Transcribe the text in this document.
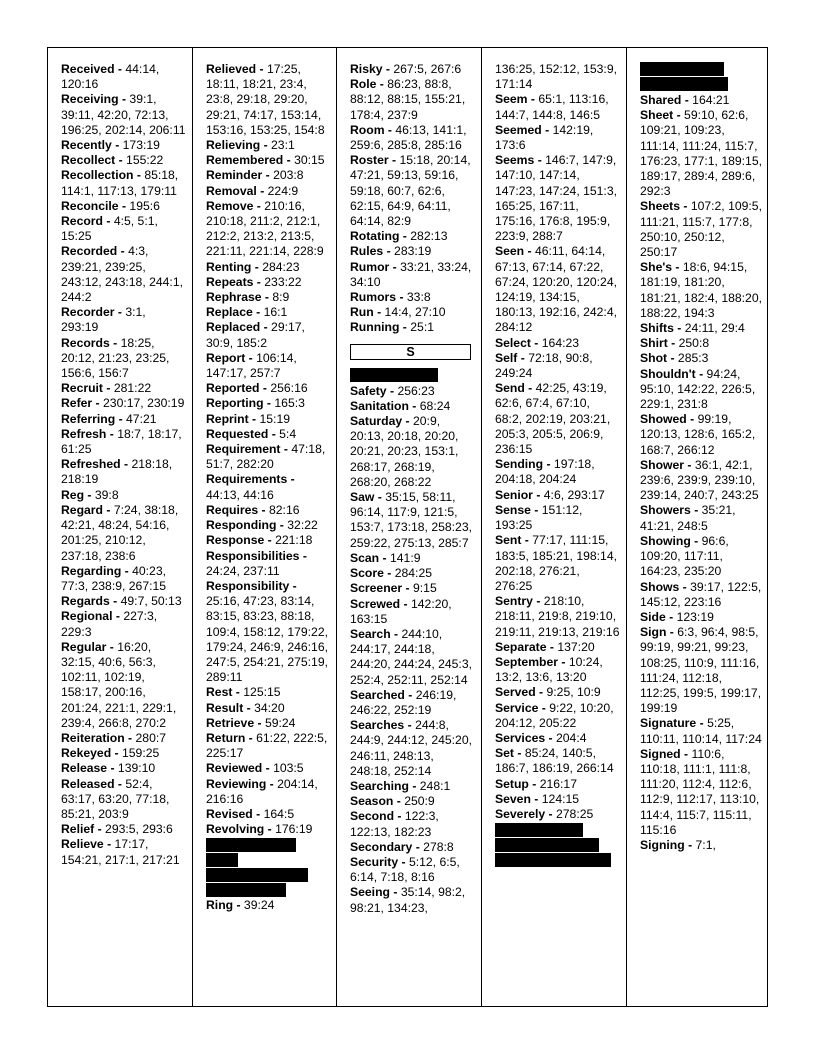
Received - 44:14, 120:16

Receiving - 39:1, 39:11, 42:20, 72:13, 196:25, 202:14, 206:11

Recently - 173:19

Recollect - 155:22

Recollection - 85:18, 114:1, 117:13, 179:11

Reconcile - 195:6

Record - 4:5, 5:1, 15:25

Recorded - 4:3, 239:21, 239:25, 243:12, 243:18, 244:1, 244:2

Recorder - 3:1, 293:19

Records - 18:25, 20:12, 21:23, 23:25, 156:6, 156:7

Recruit - 281:22

Refer - 230:17, 230:19

Referring - 47:21

Refresh - 18:7, 18:17, 61:25

Refreshed - 218:18, 218:19

Reg - 39:8

Regard - 7:24, 38:18, 42:21, 48:24, 54:16, 201:25, 210:12, 237:18, 238:6

Regarding - 40:23, 77:3, 238:9, 267:15

Regards - 49:7, 50:13

Regional - 227:3, 229:3

Regular - 16:20, 32:15, 40:6, 56:3, 102:11, 102:19, 158:17, 200:16, 201:24, 221:1, 229:1, 239:4, 266:8, 270:2

Reiteration - 280:7

Rekeyed - 159:25

Release - 139:10

Released - 52:4, 63:17, 63:20, 77:18, 85:21, 203:9

Relief - 293:5, 293:6

Relieve - 17:17, 154:21, 217:1, 217:21

Relieved - 17:25, 18:11, 18:21, 23:4, 23:8, 29:18, 29:20, 29:21, 74:17, 153:14, 153:16, 153:25, 154:8

Relieving - 23:1

Remembered - 30:15

Reminder - 203:8

Removal - 224:9

Remove - 210:16, 210:18, 211:2, 212:1, 212:2, 213:2, 213:5, 221:11, 221:14, 228:9

Renting - 284:23

Repeats - 233:22

Rephrase - 8:9

Replace - 16:1

Replaced - 29:17, 30:9, 185:2

Report - 106:14, 147:17, 257:7

Reported - 256:16

Reporting - 165:3

Reprint - 15:19

Requested - 5:4

Requirement - 47:18, 51:7, 282:20

Requirements - 44:13, 44:16

Requires - 82:16

Responding - 32:22

Response - 221:18

Responsibilities - 24:24, 237:11

Responsibility - 25:16, 47:23, 83:14, 83:15, 83:23, 88:18, 109:4, 158:12, 179:22, 179:24, 246:9, 246:16, 247:5, 254:21, 275:19, 289:11

Rest - 125:15

Result - 34:20

Retrieve - 59:24

Return - 61:22, 222:5, 225:17

Reviewed - 103:5

Reviewing - 204:14, 216:16

Revised - 164:5

Revolving - 176:19

Ring - 39:24

Risky - 267:5, 267:6

Role - 86:23, 88:8, 88:12, 88:15, 155:21, 178:4, 237:9

Room - 46:13, 141:1, 259:6, 285:8, 285:16

Roster - 15:18, 20:14, 47:21, 59:13, 59:16, 59:18, 60:7, 62:6, 62:15, 64:9, 64:11, 64:14, 82:9

Rotating - 282:13

Rules - 283:19

Rumor - 33:21, 33:24, 34:10

Rumors - 33:8

Run - 14:4, 27:10

Running - 25:1

S

Safety - 256:23

Sanitation - 68:24

Saturday - 20:9, 20:13, 20:18, 20:20, 20:21, 20:23, 153:1, 268:17, 268:19, 268:20, 268:22

Saw - 35:15, 58:11, 96:14, 117:9, 121:5, 153:7, 173:18, 258:23, 259:22, 275:13, 285:7

Scan - 141:9

Score - 284:25

Screener - 9:15

Screwed - 142:20, 163:15

Search - 244:10, 244:17, 244:18, 244:20, 244:24, 245:3, 252:4, 252:11, 252:14

Searched - 246:19, 246:22, 252:19

Searches - 244:8, 244:9, 244:12, 245:20, 246:11, 248:13, 248:18, 252:14

Searching - 248:1

Season - 250:9

Second - 122:3, 122:13, 182:23

Secondary - 278:8

Security - 5:12, 6:5, 6:14, 7:18, 8:16

Seeing - 35:14, 98:2, 98:21, 134:23,

136:25, 152:12, 153:9, 171:14

Seem - 65:1, 113:16, 144:7, 144:8, 146:5

Seemed - 142:19, 173:6

Seems - 146:7, 147:9, 147:10, 147:14, 147:23, 147:24, 151:3, 165:25, 167:11, 175:16, 176:8, 195:9, 223:9, 288:7

Seen - 46:11, 64:14, 67:13, 67:14, 67:22, 67:24, 120:20, 120:24, 124:19, 134:15, 180:13, 192:16, 242:4, 284:12

Select - 164:23

Self - 72:18, 90:8, 249:24

Send - 42:25, 43:19, 62:6, 67:4, 67:10, 68:2, 202:19, 203:21, 205:3, 205:5, 206:9, 236:15

Sending - 197:18, 204:18, 204:24

Senior - 4:6, 293:17

Sense - 151:12, 193:25

Sent - 77:17, 111:15, 183:5, 185:21, 198:14, 202:18, 276:21, 276:25

Sentry - 218:10, 218:11, 219:8, 219:10, 219:11, 219:13, 219:16

Separate - 137:20

September - 10:24, 13:2, 13:6, 13:20

Served - 9:25, 10:9

Service - 9:22, 10:20, 204:12, 205:22

Services - 204:4

Set - 85:24, 140:5, 186:7, 186:19, 266:14

Setup - 216:17

Seven - 124:15

Severely - 278:25

Shared - 164:21

Sheet - 59:10, 62:6, 109:21, 109:23, 111:14, 111:24, 115:7, 176:23, 177:1, 189:15, 189:17, 289:4, 289:6, 292:3

Sheets - 107:2, 109:5, 111:21, 115:7, 177:8, 250:10, 250:12, 250:17

She's - 18:6, 94:15, 181:19, 181:20, 181:21, 182:4, 188:20, 188:22, 194:3

Shifts - 24:11, 29:4

Shirt - 250:8

Shot - 285:3

Shouldn't - 94:24, 95:10, 142:22, 226:5, 229:1, 231:8

Showed - 99:19, 120:13, 128:6, 165:2, 168:7, 266:12

Shower - 36:1, 42:1, 239:6, 239:9, 239:10, 239:14, 240:7, 243:25

Showers - 35:21, 41:21, 248:5

Showing - 96:6, 109:20, 117:11, 164:23, 235:20

Shows - 39:17, 122:5, 145:12, 223:16

Side - 123:19

Sign - 6:3, 96:4, 98:5, 99:19, 99:21, 99:23, 108:25, 110:9, 111:16, 111:24, 112:18, 112:25, 199:5, 199:17, 199:19

Signature - 5:25, 110:11, 110:14, 117:24

Signed - 110:6, 110:18, 111:1, 111:8, 111:20, 112:4, 112:6, 112:9, 112:17, 113:10, 114:4, 115:7, 115:11, 115:16

Signing - 7:1,
